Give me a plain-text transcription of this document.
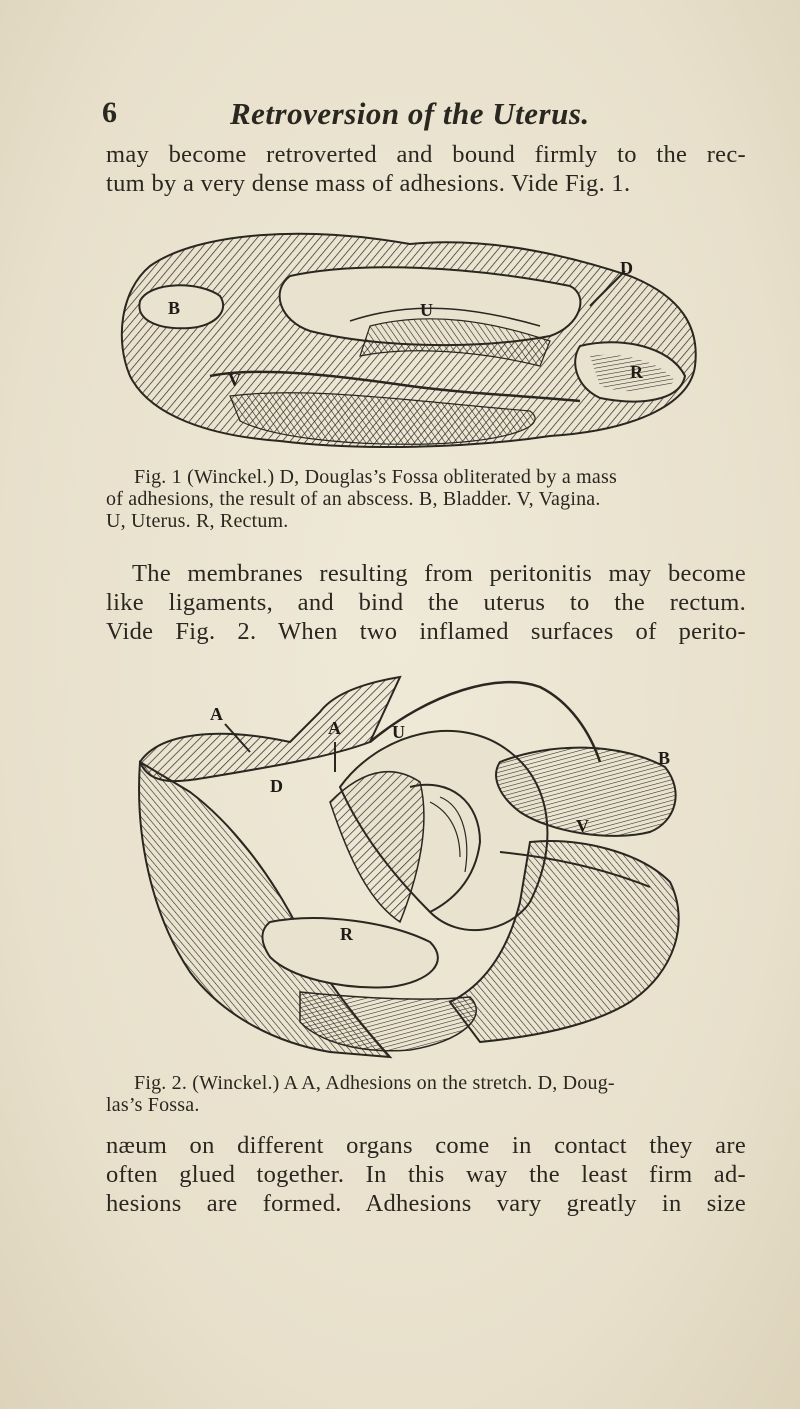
6	Retroversion of the Uterus.
may become retroverted and bound firmly to the rec-
tum by a very dense mass of adhesions. Vide Fig. 1.
B	U
D
V	R
Fig. 1 (Winckel.) D, Douglas’s Fossa obliterated by a mass
of adhesions, the result of an abscess. B, Bladder. V, Vagina.
U, Uterus. R, Rectum.
The membranes resulting from peritonitis may become
like ligaments, and bind the uterus to the rectum.
Vide Fig. 2. When two inflamed surfaces of perito-
A
U
B
D
A
V
R
Fig. 2. (Winckel.) A A, Adhesions on the stretch. D, Doug-
las’s Fossa.
næum on different organs come in contact they are
often glued together. In this way the least firm ad-
hesions are formed. Adhesions vary greatly in size
